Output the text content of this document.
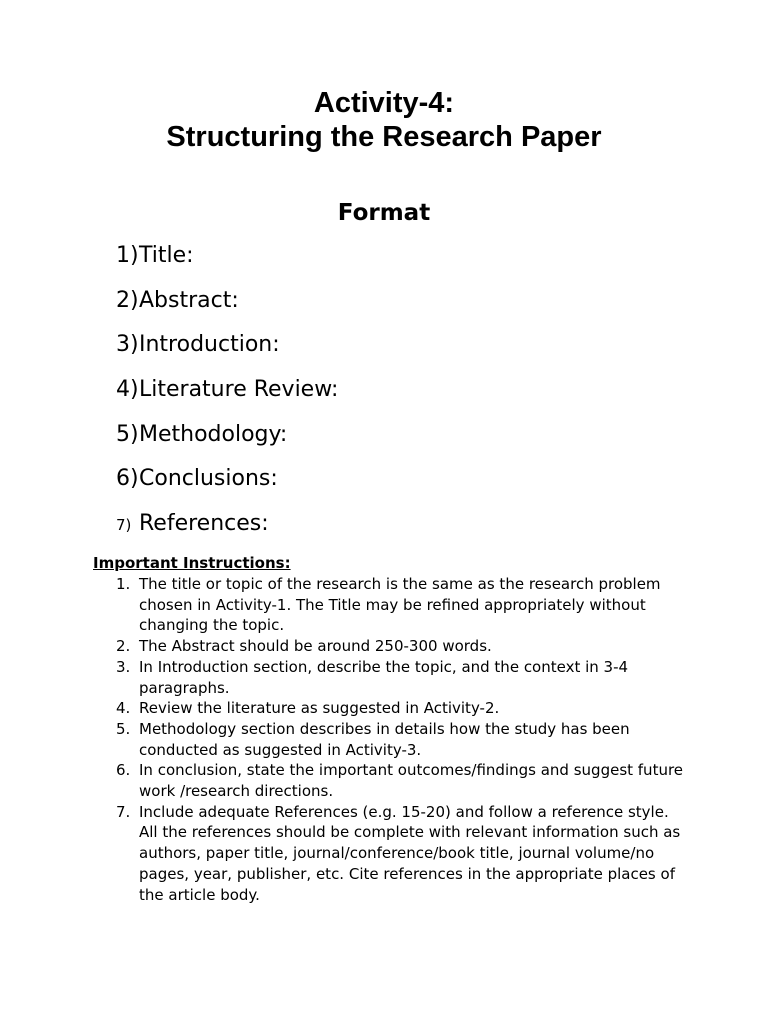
Activity-4:
Structuring the Research Paper
Format
1)Title:
2)Abstract:
3)Introduction:
4)Literature Review:
5)Methodology:
6)Conclusions:
7) References:
Important Instructions:
1. The title or topic of the research is the same as the research problem chosen in Activity-1. The Title may be refined appropriately without changing the topic.
2. The Abstract should be around 250-300 words.
3. In Introduction section, describe the topic, and the context in 3-4 paragraphs.
4. Review the literature as suggested in Activity-2.
5. Methodology section describes in details how the study has been conducted as suggested in Activity-3.
6. In conclusion, state the important outcomes/findings and suggest future work /research directions.
7. Include adequate References (e.g. 15-20) and follow a reference style. All the references should be complete with relevant information such as authors, paper title, journal/conference/book title, journal volume/no pages, year, publisher, etc. Cite references in the appropriate places of the article body.
